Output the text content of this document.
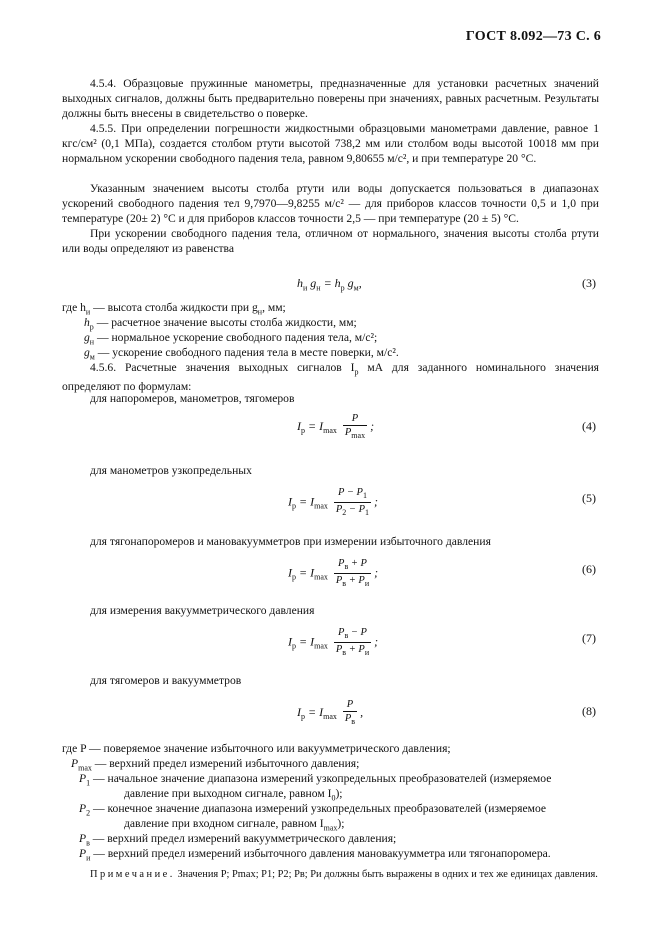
ГОСТ 8.092—73 С. 6
4.5.4. Образцовые пружинные манометры, предназначенные для установки расчетных значений выходных сигналов, должны быть предварительно поверены при значениях, равных расчетным. Результаты должны быть внесены в свидетельство о поверке.
4.5.5. При определении погрешности жидкостными образцовыми манометрами давление, равное 1 кгс/см² (0,1 МПа), создается столбом ртути высотой 738,2 мм или столбом воды высотой 10018 мм при нормальном ускорении свободного падения тела, равном 9,80655 м/с², и при температуре 20 °С.
Указанным значением высоты столба ртути или воды допускается пользоваться в диапазонах ускорений свободного падения тел 9,7970—9,8255 м/с² — для приборов классов точности 0,5 и 1,0 при температуре (20± 2) °С и для приборов классов точности 2,5 — при температуре (20 ± 5) °С.
При ускорении свободного падения тела, отличном от нормального, значения высоты столба ртути или воды определяют из равенства
$h_и$ $g_н = h_р$ $g_м$,	(3)
где $h_и$ — высота столба жидкости при $g_н$, мм;
$h_р$ — расчетное значение высоты столба жидкости, мм;
$g_н$ — нормальное ускорение свободного падения тела, м/с²;
$g_м$ — ускорение свободного падения тела в месте поверки, м/с².
4.5.6. Расчетные значения выходных сигналов $I_р$ мА для заданного номинального значения определяют по формулам:
для напоромеров, манометров, тягомеров
$I_р = I_{max} \frac{P}{P_{max}}$ ;	(4)
для манометров узкопредельных
$I_р = I_{max} \frac{P - P_1}{P_2 - P_1}$ ;	(5)
для тягонапоромеров и мановакуумметров при измерении избыточного давления
$I_р = I_{max} \frac{P_в + P}{P_в + P_и}$ ;	(6)
для измерения вакуумметрического давления
$I_р = I_{max} \frac{P_в - P}{P_в + P_и}$ ;	(7)
для тягомеров и вакуумметров
$I_р = I_{max} \frac{P}{P_в}$ ,	(8)
где P — поверяемое значение избыточного или вакуумметрического давления;
$P_{max}$ — верхний предел измерений избыточного давления;
$P_1$ — начальное значение диапазона измерений узкопредельных преобразователей (измеряемое
давление при выходном сигнале, равном $I_0$);
$P_2$ — конечное значение диапазона измерений узкопредельных преобразователей (измеряемое
давление при входном сигнале, равном $I_{max}$);
$P_в$ — верхний предел измерений вакуумметрического давления;
$P_и$ — верхний предел измерений избыточного давления мановакуумметра или тягонапоромера.
Примечание. Значения P; Pmax; P1; P2; Pв; Pи должны быть выражены в одних и тех же единицах давления.
